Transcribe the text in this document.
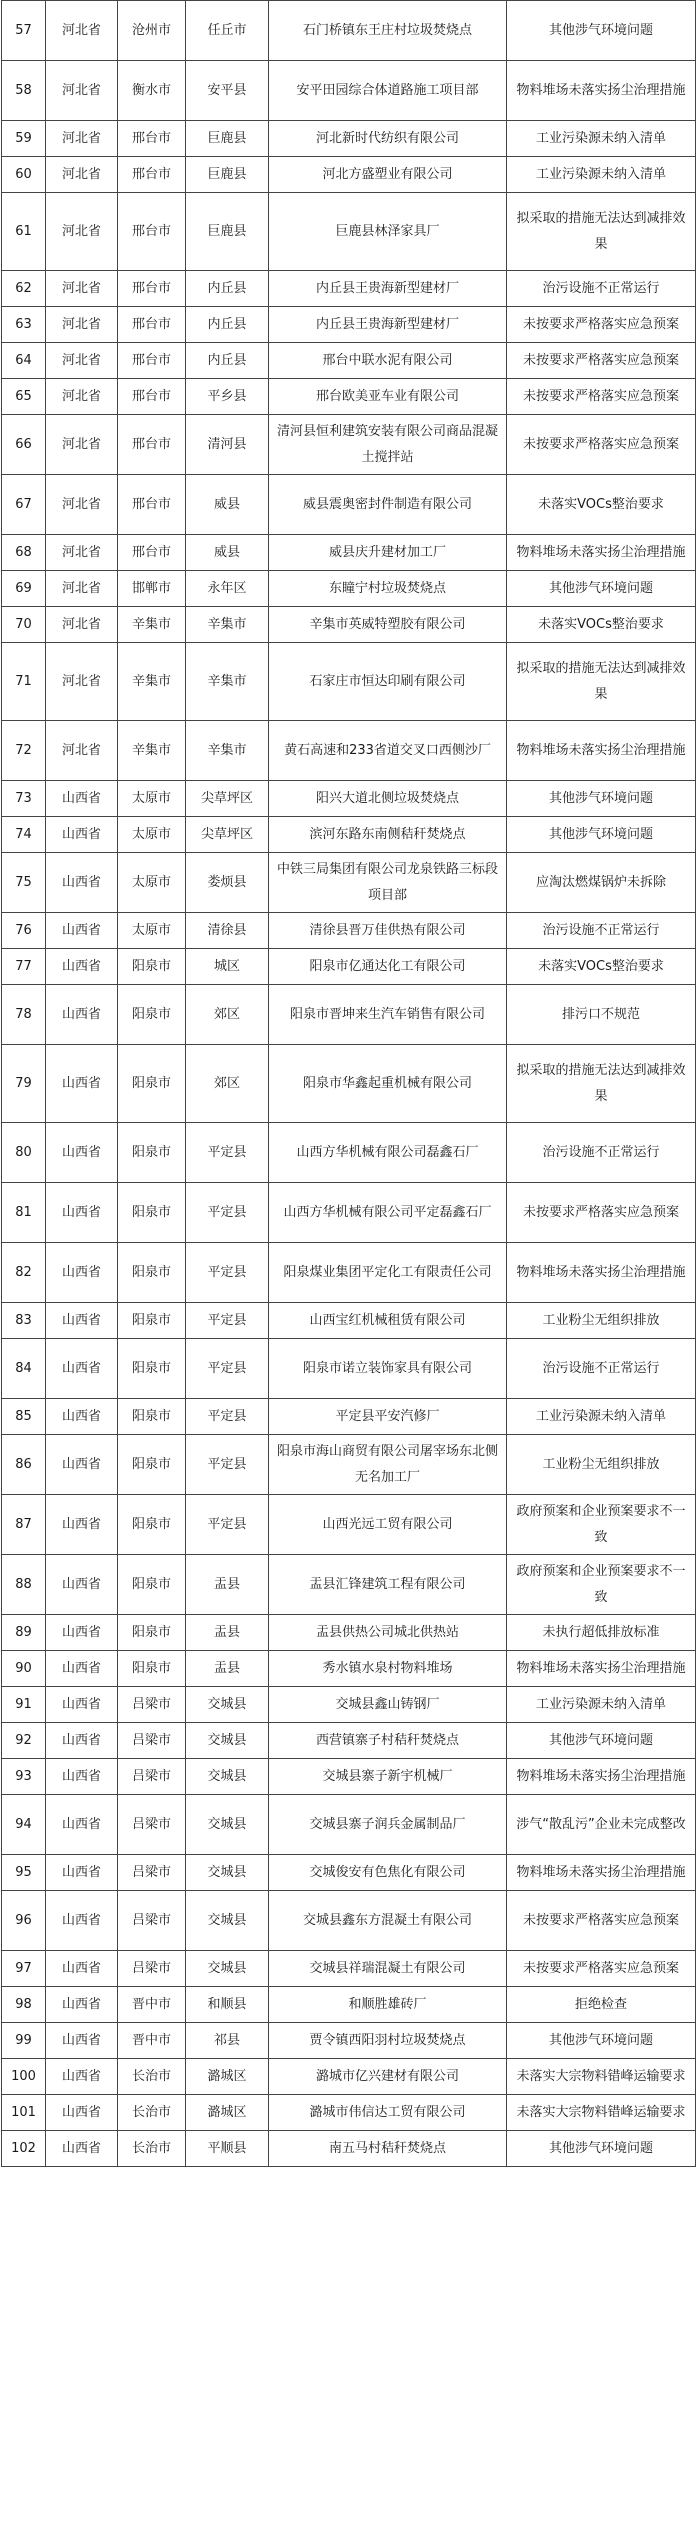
57	河北省	沧州市	任丘市	石门桥镇东王庄村垃圾焚烧点	其他涉气环境问题
58	河北省	衡水市	安平县	安平田园综合体道路施工项目部	物料堆场未落实扬尘治理措施
59	河北省	邢台市	巨鹿县	河北新时代纺织有限公司	工业污染源未纳入清单
60	河北省	邢台市	巨鹿县	河北方盛塑业有限公司	工业污染源未纳入清单
61	河北省	邢台市	巨鹿县	巨鹿县林泽家具厂	拟采取的措施无法达到减排效果
62	河北省	邢台市	内丘县	内丘县王贵海新型建材厂	治污设施不正常运行
63	河北省	邢台市	内丘县	内丘县王贵海新型建材厂	未按要求严格落实应急预案
64	河北省	邢台市	内丘县	邢台中联水泥有限公司	未按要求严格落实应急预案
65	河北省	邢台市	平乡县	邢台欧美亚车业有限公司	未按要求严格落实应急预案
66	河北省	邢台市	清河县	清河县恒利建筑安装有限公司商品混凝土搅拌站	未按要求严格落实应急预案
67	河北省	邢台市	威县	威县震奥密封件制造有限公司	未落实VOCs整治要求
68	河北省	邢台市	威县	威县庆升建材加工厂	物料堆场未落实扬尘治理措施
69	河北省	邯郸市	永年区	东瞳宁村垃圾焚烧点	其他涉气环境问题
70	河北省	辛集市	辛集市	辛集市英威特塑胶有限公司	未落实VOCs整治要求
71	河北省	辛集市	辛集市	石家庄市恒达印刷有限公司	拟采取的措施无法达到减排效果
72	河北省	辛集市	辛集市	黄石高速和233省道交叉口西侧沙厂	物料堆场未落实扬尘治理措施
73	山西省	太原市	尖草坪区	阳兴大道北侧垃圾焚烧点	其他涉气环境问题
74	山西省	太原市	尖草坪区	滨河东路东南侧秸秆焚烧点	其他涉气环境问题
75	山西省	太原市	娄烦县	中铁三局集团有限公司龙泉铁路三标段项目部	应淘汰燃煤锅炉未拆除
76	山西省	太原市	清徐县	清徐县晋万佳供热有限公司	治污设施不正常运行
77	山西省	阳泉市	城区	阳泉市亿通达化工有限公司	未落实VOCs整治要求
78	山西省	阳泉市	郊区	阳泉市晋坤来生汽车销售有限公司	排污口不规范
79	山西省	阳泉市	郊区	阳泉市华鑫起重机械有限公司	拟采取的措施无法达到减排效果
80	山西省	阳泉市	平定县	山西方华机械有限公司磊鑫石厂	治污设施不正常运行
81	山西省	阳泉市	平定县	山西方华机械有限公司平定磊鑫石厂	未按要求严格落实应急预案
82	山西省	阳泉市	平定县	阳泉煤业集团平定化工有限责任公司	物料堆场未落实扬尘治理措施
83	山西省	阳泉市	平定县	山西宝红机械租赁有限公司	工业粉尘无组织排放
84	山西省	阳泉市	平定县	阳泉市诺立装饰家具有限公司	治污设施不正常运行
85	山西省	阳泉市	平定县	平定县平安汽修厂	工业污染源未纳入清单
86	山西省	阳泉市	平定县	阳泉市海山商贸有限公司屠宰场东北侧无名加工厂	工业粉尘无组织排放
87	山西省	阳泉市	平定县	山西光远工贸有限公司	政府预案和企业预案要求不一致
88	山西省	阳泉市	盂县	盂县汇锋建筑工程有限公司	政府预案和企业预案要求不一致
89	山西省	阳泉市	盂县	盂县供热公司城北供热站	未执行超低排放标准
90	山西省	阳泉市	盂县	秀水镇水泉村物料堆场	物料堆场未落实扬尘治理措施
91	山西省	吕梁市	交城县	交城县鑫山铸钢厂	工业污染源未纳入清单
92	山西省	吕梁市	交城县	西营镇寨子村秸秆焚烧点	其他涉气环境问题
93	山西省	吕梁市	交城县	交城县寨子新宇机械厂	物料堆场未落实扬尘治理措施
94	山西省	吕梁市	交城县	交城县寨子润兵金属制品厂	涉气“散乱污”企业未完成整改
95	山西省	吕梁市	交城县	交城俊安有色焦化有限公司	物料堆场未落实扬尘治理措施
96	山西省	吕梁市	交城县	交城县鑫东方混凝土有限公司	未按要求严格落实应急预案
97	山西省	吕梁市	交城县	交城县祥瑞混凝土有限公司	未按要求严格落实应急预案
98	山西省	晋中市	和顺县	和顺胜雄砖厂	拒绝检查
99	山西省	晋中市	祁县	贾令镇西阳羽村垃圾焚烧点	其他涉气环境问题
100	山西省	长治市	潞城区	潞城市亿兴建材有限公司	未落实大宗物料错峰运输要求
101	山西省	长治市	潞城区	潞城市伟信达工贸有限公司	未落实大宗物料错峰运输要求
102	山西省	长治市	平顺县	南五马村秸秆焚烧点	其他涉气环境问题
